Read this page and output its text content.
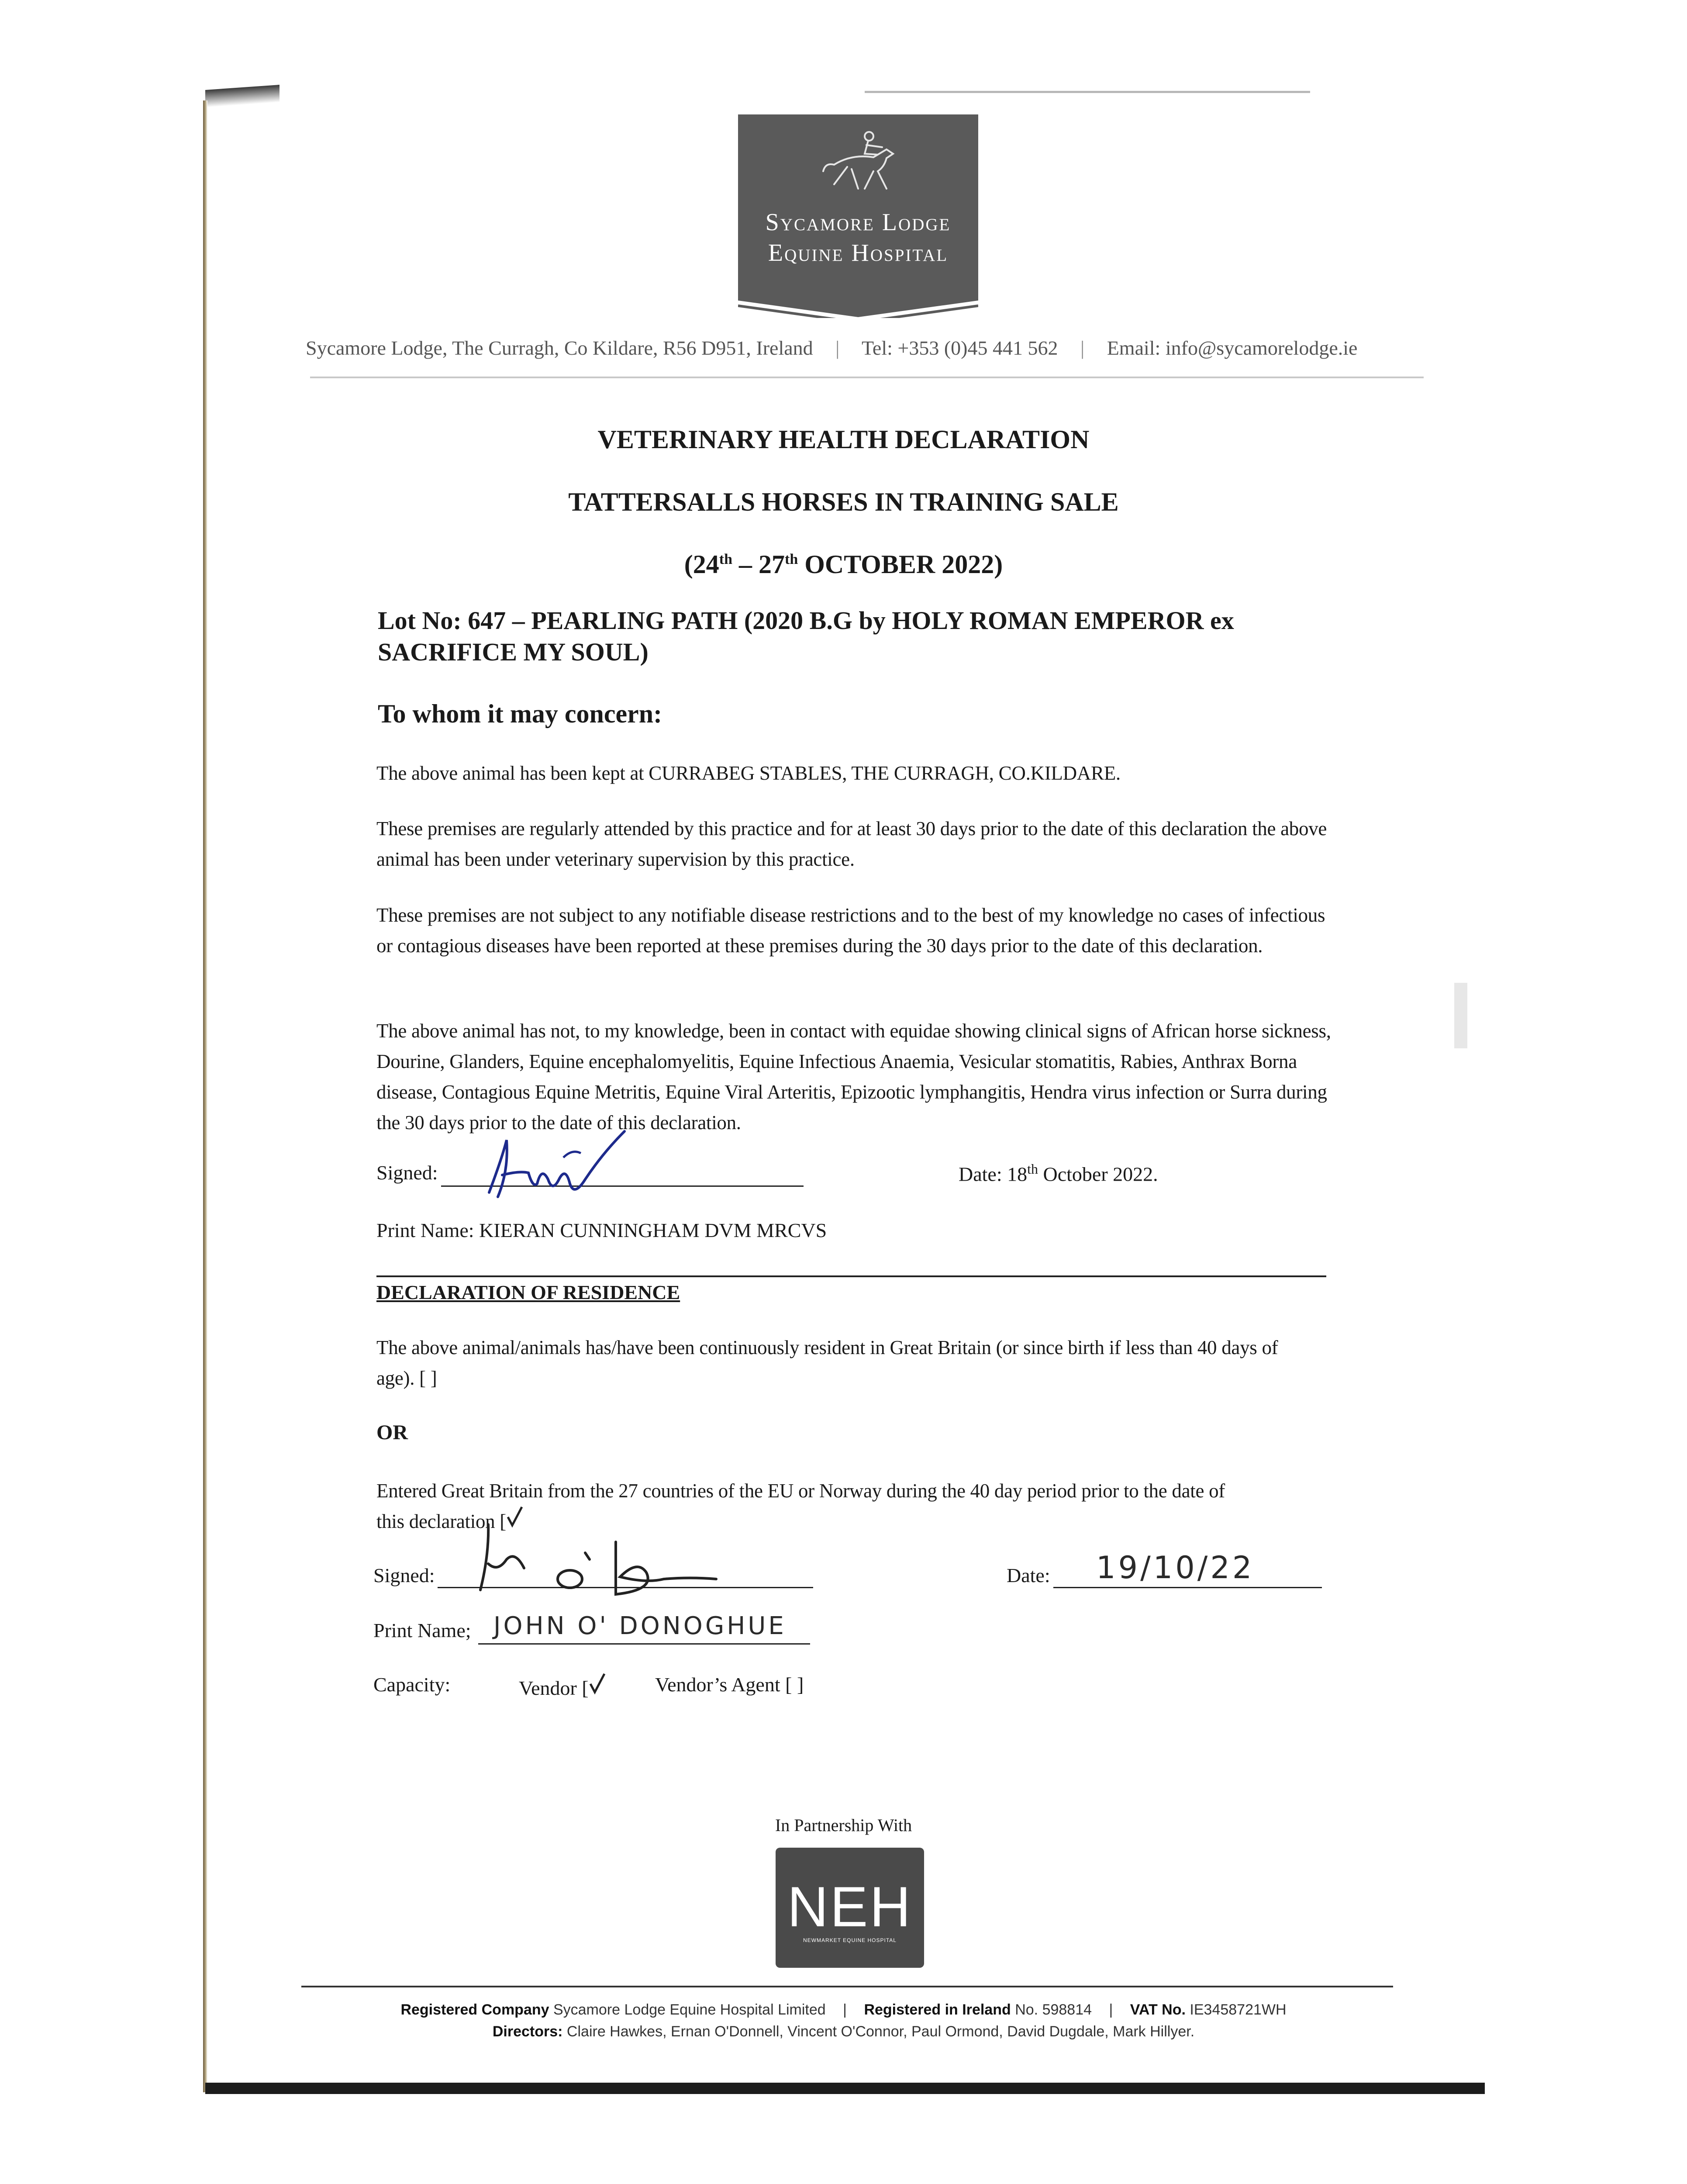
Sycamore Lodge
Equine Hospital
Sycamore Lodge, The Curragh, Co Kildare, R56 D951, Ireland | Tel: +353 (0)45 441 562 | Email: info@sycamorelodge.ie
VETERINARY HEALTH DECLARATION
TATTERSALLS HORSES IN TRAINING SALE
(24th – 27th OCTOBER 2022)
Lot No: 647 – PEARLING PATH (2020 B.G by HOLY ROMAN EMPEROR ex SACRIFICE MY SOUL)
To whom it may concern:
The above animal has been kept at CURRABEG STABLES, THE CURRAGH, CO.KILDARE.
These premises are regularly attended by this practice and for at least 30 days prior to the date of this declaration the above animal has been under veterinary supervision by this practice.
These premises are not subject to any notifiable disease restrictions and to the best of my knowledge no cases of infectious or contagious diseases have been reported at these premises during the 30 days prior to the date of this declaration.
The above animal has not, to my knowledge, been in contact with equidae showing clinical signs of African horse sickness, Dourine, Glanders, Equine encephalomyelitis, Equine Infectious Anaemia, Vesicular stomatitis, Rabies, Anthrax Borna disease, Contagious Equine Metritis, Equine Viral Arteritis, Epizootic lymphangitis, Hendra virus infection or Surra during the 30 days prior to the date of this declaration.
Signed:	Date: 18th October 2022.
Print Name: KIERAN CUNNINGHAM DVM MRCVS
DECLARATION OF RESIDENCE
The above animal/animals has/have been continuously resident in Great Britain (or since birth if less than 40 days of age). [ ]
OR
Entered Great Britain from the 27 countries of the EU or Norway during the 40 day period prior to the date of
this declaration [
Signed:	Date: 19/10/22
Print Name; JOHN O' DONOGHUE
Capacity:	Vendor [	Vendor’s Agent [ ]
In Partnership With
NEH
NEWMARKET EQUINE HOSPITAL
Registered Company Sycamore Lodge Equine Hospital Limited | Registered in Ireland No. 598814 | VAT No. IE3458721WH
Directors: Claire Hawkes, Ernan O'Donnell, Vincent O'Connor, Paul Ormond, David Dugdale, Mark Hillyer.
